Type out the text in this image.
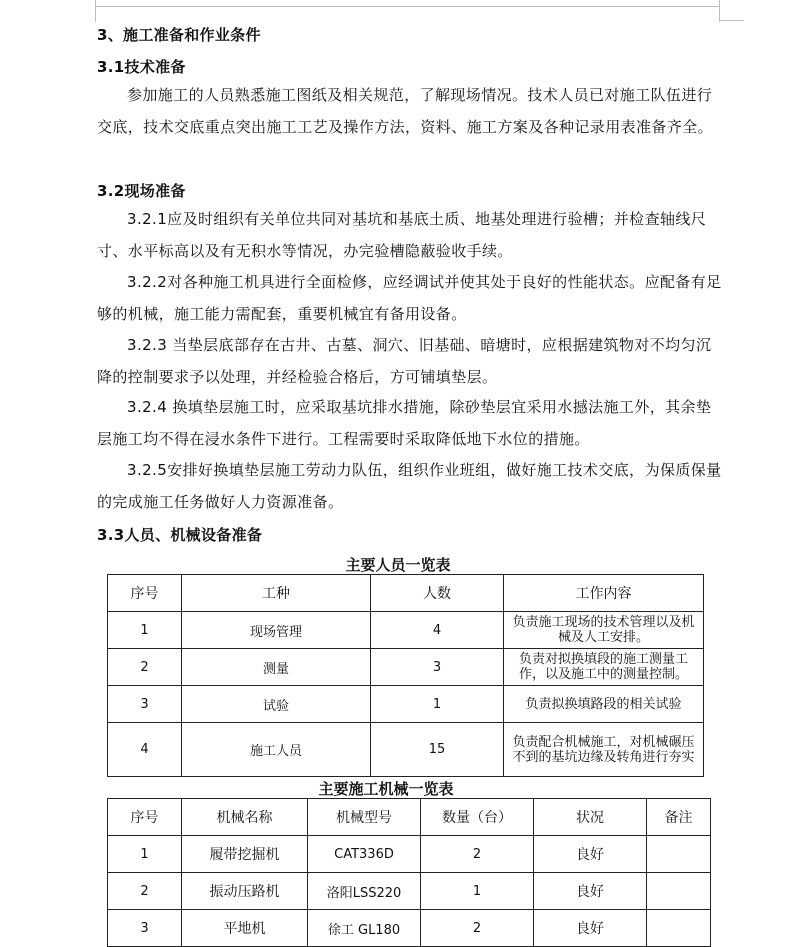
3、施工准备和作业条件
3.1技术准备
参加施工的人员熟悉施工图纸及相关规范，了解现场情况。技术人员已对施工队伍进行交底，技术交底重点突出施工工艺及操作方法，资料、施工方案及各种记录用表准备齐全。
3.2现场准备
3.2.1应及时组织有关单位共同对基坑和基底土质、地基处理进行验槽；并检查轴线尺寸、水平标高以及有无积水等情况，办完验槽隐蔽验收手续。
3.2.2对各种施工机具进行全面检修，应经调试并使其处于良好的性能状态。应配备有足够的机械，施工能力需配套，重要机械宜有备用设备。
3.2.3 当垫层底部存在古井、古墓、洞穴、旧基础、暗塘时，应根据建筑物对不均匀沉降的控制要求予以处理，并经检验合格后，方可铺填垫层。
3.2.4 换填垫层施工时，应采取基坑排水措施，除砂垫层宜采用水撼法施工外，其余垫层施工均不得在浸水条件下进行。工程需要时采取降低地下水位的措施。
3.2.5安排好换填垫层施工劳动力队伍，组织作业班组，做好施工技术交底，为保质保量的完成施工任务做好人力资源准备。
3.3人员、机械设备准备
主要人员一览表
序号	工种	人数	工作内容
1	现场管理	4	负责施工现场的技术管理以及机械及人工安排。
2	测量	3	负责对拟换填段的施工测量工作，以及施工中的测量控制。
3	试验	1	负责拟换填路段的相关试验
4	施工人员	15	负责配合机械施工，对机械碾压不到的基坑边缘及转角进行夯实
主要施工机械一览表
序号	机械名称	机械型号	数量（台）	状况	备注
1	履带挖掘机	CAT336D	2	良好	
2	振动压路机	洛阳LSS220	1	良好	
3	平地机	徐工 GL180	2	良好	
